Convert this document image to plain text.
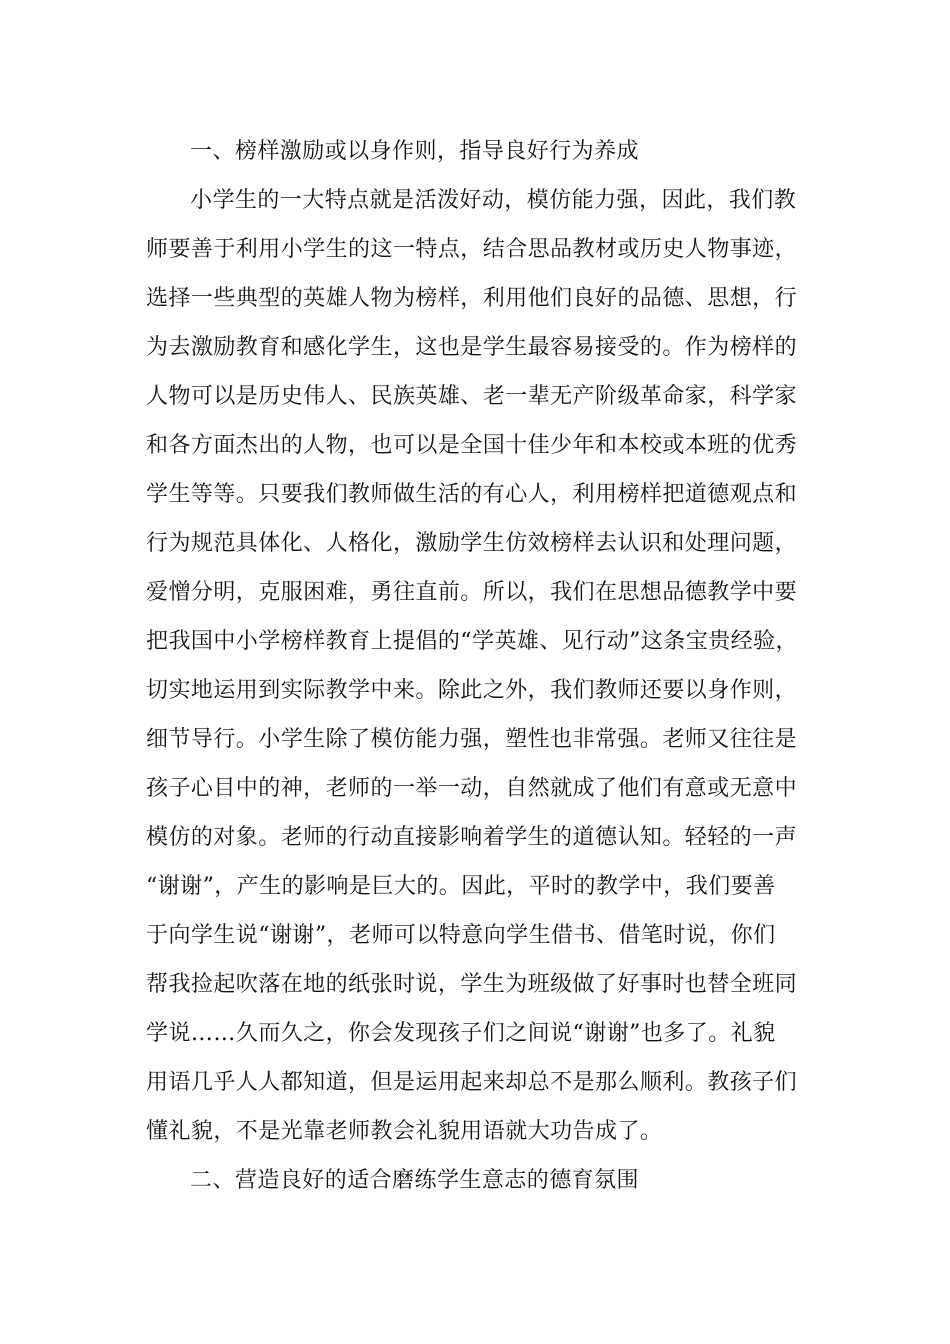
一、榜样激励或以身作则，指导良好行为养成
小学生的一大特点就是活泼好动，模仿能力强，因此，我们教
师要善于利用小学生的这一特点，结合思品教材或历史人物事迹，
选择一些典型的英雄人物为榜样，利用他们良好的品德、思想，行
为去激励教育和感化学生，这也是学生最容易接受的。作为榜样的
人物可以是历史伟人、民族英雄、老一辈无产阶级革命家，科学家
和各方面杰出的人物，也可以是全国十佳少年和本校或本班的优秀
学生等等。只要我们教师做生活的有心人，利用榜样把道德观点和
行为规范具体化、人格化，激励学生仿效榜样去认识和处理问题，
爱憎分明，克服困难，勇往直前。所以，我们在思想品德教学中要
把我国中小学榜样教育上提倡的“学英雄、见行动”这条宝贵经验，
切实地运用到实际教学中来。除此之外，我们教师还要以身作则，
细节导行。小学生除了模仿能力强，塑性也非常强。老师又往往是
孩子心目中的神，老师的一举一动，自然就成了他们有意或无意中
模仿的对象。老师的行动直接影响着学生的道德认知。轻轻的一声
“谢谢”，产生的影响是巨大的。因此，平时的教学中，我们要善
于向学生说“谢谢”，老师可以特意向学生借书、借笔时说，你们
帮我捡起吹落在地的纸张时说，学生为班级做了好事时也替全班同
学说……久而久之，你会发现孩子们之间说“谢谢”也多了。礼貌
用语几乎人人都知道，但是运用起来却总不是那么顺利。教孩子们
懂礼貌，不是光靠老师教会礼貌用语就大功告成了。
二、营造良好的适合磨练学生意志的德育氛围
